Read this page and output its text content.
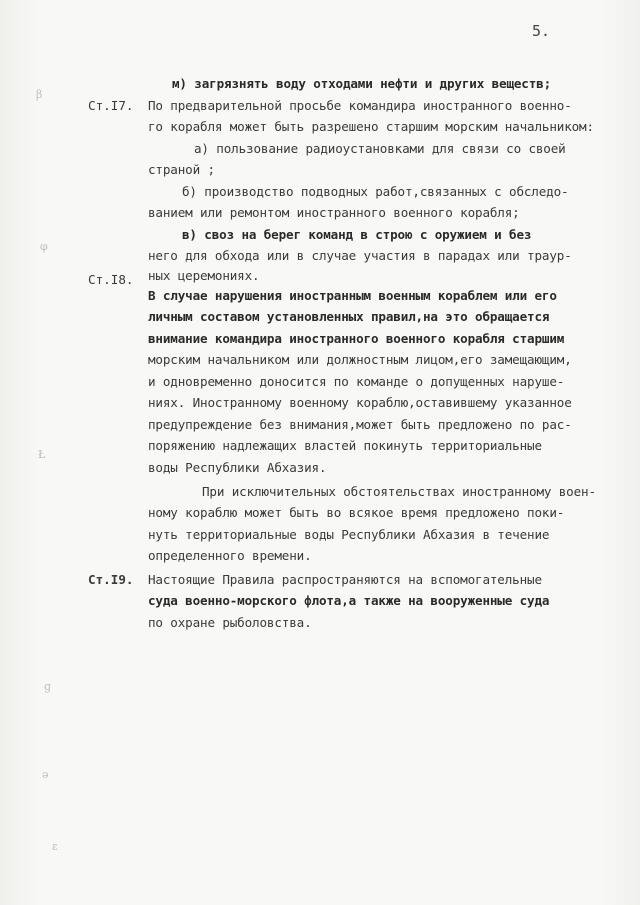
5.
β
φ
Ł
ɡ
ə
ε
Ст.I7.
Ст.I8.
Ст.I9.
м) загрязнять воду отходами нефти и других веществ;
По предварительной просьбе командира иностранного военно-
го корабля может быть разрешено старшим морским начальником:
а) пользование радиоустановками для связи со своей
страной ;
б) производство подводных работ,связанных с обследо-
ванием или ремонтом иностранного военного корабля;
в) своз на берег команд в строю с оружием и без
него для обхода или в случае участия в парадах или траур-
ных церемониях.
В случае нарушения иностранным военным кораблем или его
личным составом установленных правил,на это обращается
внимание командира иностранного военного корабля старшим
морским начальником или должностным лицом,его замещающим,
и одновременно доносится по команде о допущенных наруше-
ниях. Иностранному военному кораблю,оставившему указанное
предупреждение без внимания,может быть предложено по рас-
поряжению надлежащих властей покинуть территориальные
воды Республики Абхазия.
При исключительных обстоятельствах иностранному воен-
ному кораблю может быть во всякое время предложено поки-
нуть территориальные воды Республики Абхазия в течение
определенного времени.
Настоящие Правила распространяются на вспомогательные
суда военно-морского флота,а также на вооруженные суда
по охране рыболовства.
